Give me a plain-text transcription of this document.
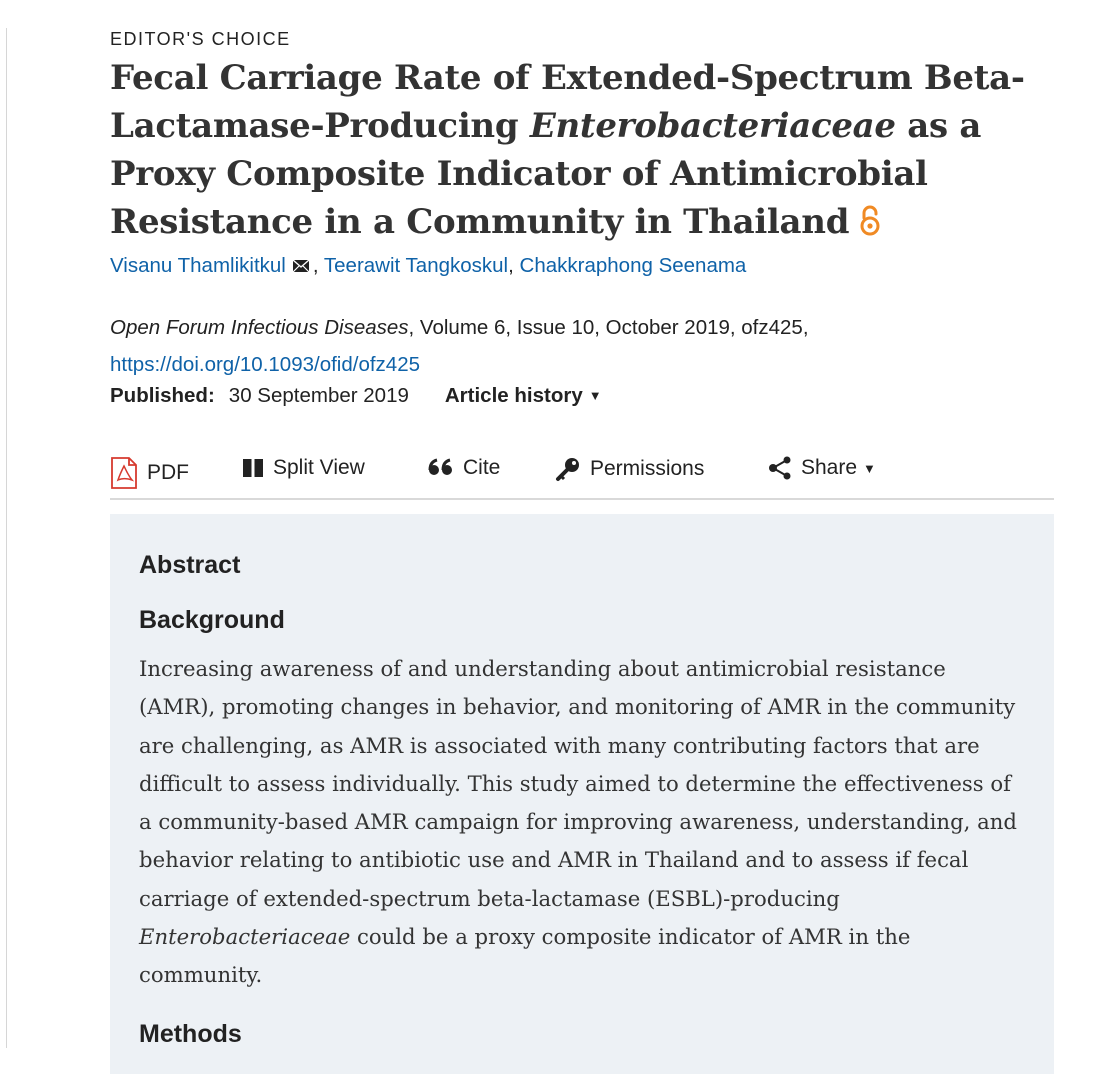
EDITOR'S CHOICE
Fecal Carriage Rate of Extended-Spectrum Beta-Lactamase-Producing Enterobacteriaceae as a Proxy Composite Indicator of Antimicrobial Resistance in a Community in Thailand
Visanu Thamlikitkul , Teerawit Tangkoskul, Chakkraphong Seenama
Open Forum Infectious Diseases, Volume 6, Issue 10, October 2019, ofz425,
https://doi.org/10.1093/ofid/ofz425
Published: 30 September 2019 Article history ▼
PDF	Split View	Cite	Permissions	Share ▼
Abstract
Background

Increasing awareness of and understanding about antimicrobial resistance (AMR), promoting changes in behavior, and monitoring of AMR in the community are challenging, as AMR is associated with many contributing factors that are difficult to assess individually. This study aimed to determine the effectiveness of a community-based AMR campaign for improving awareness, understanding, and behavior relating to antibiotic use and AMR in Thailand and to assess if fecal carriage of extended-spectrum beta-lactamase (ESBL)-producing Enterobacteriaceae could be a proxy composite indicator of AMR in the community.

Methods
